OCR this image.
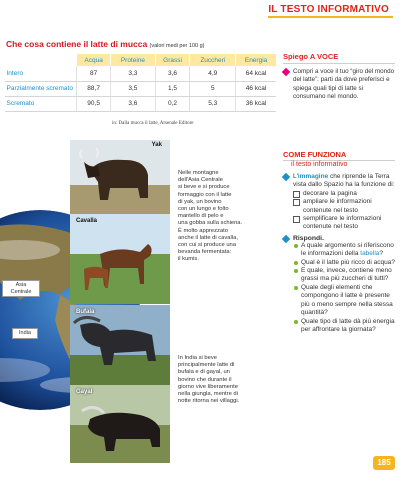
IL TESTO INFORMATIVO
Che cosa contiene il latte di mucca (valori medi per 100 g)
	Acqua	Proteine	Grassi	Zuccheri	Energia
Intero	87	3,3	3,6	4,9	64 kcal
Parzialmente scremato	88,7	3,5	1,5	5	46 kcal
Scremato	90,5	3,6	0,2	5,3	36 kcal
in: Dalla mucca il latte, Arsenale Editore
Spiego A VOCE
Compri a voce il tuo “giro del mondo del latte”: parti da dove preferisci e spiega quali tipi di latte si consumano nel mondo.
Asia Centrale
India
Yak
Cavalla
Bufala
Gayal
Nelle montagne
dell'Asia Centrale
si beve e si produce
formaggio con il latte
di yak, un bovino
con un lungo e folto
mantello di pelo e
una gobba sulla schiena.
È molto apprezzato
anche il latte di cavalla,
con cui si produce una
bevanda fermentata:
il kumis.
In India si beve
principalmente latte di
bufala e di gayal, un
bovino che durante il
giorno vive liberamente
nella giungla, mentre di
notte ritorna nei villaggi.
COME FUNZIONA
il testo informativo
L'immagine che riprende la Terra vista dallo Spazio ha la funzione di:
decorare la pagina
ampliare le informazioni contenute nel testo
semplificare le informazioni contenute nel testo
Rispondi.
A quale argomento si riferiscono le informazioni della tabella?
Qual è il latte più ricco di acqua?
E quale, invece, contiene meno grassi ma più zuccheri di tutti?
Quale degli elementi che compongono il latte è presente più o meno sempre nella stessa quantità?
Quale tipo di latte dà più energia per affrontare la giornata?
185
